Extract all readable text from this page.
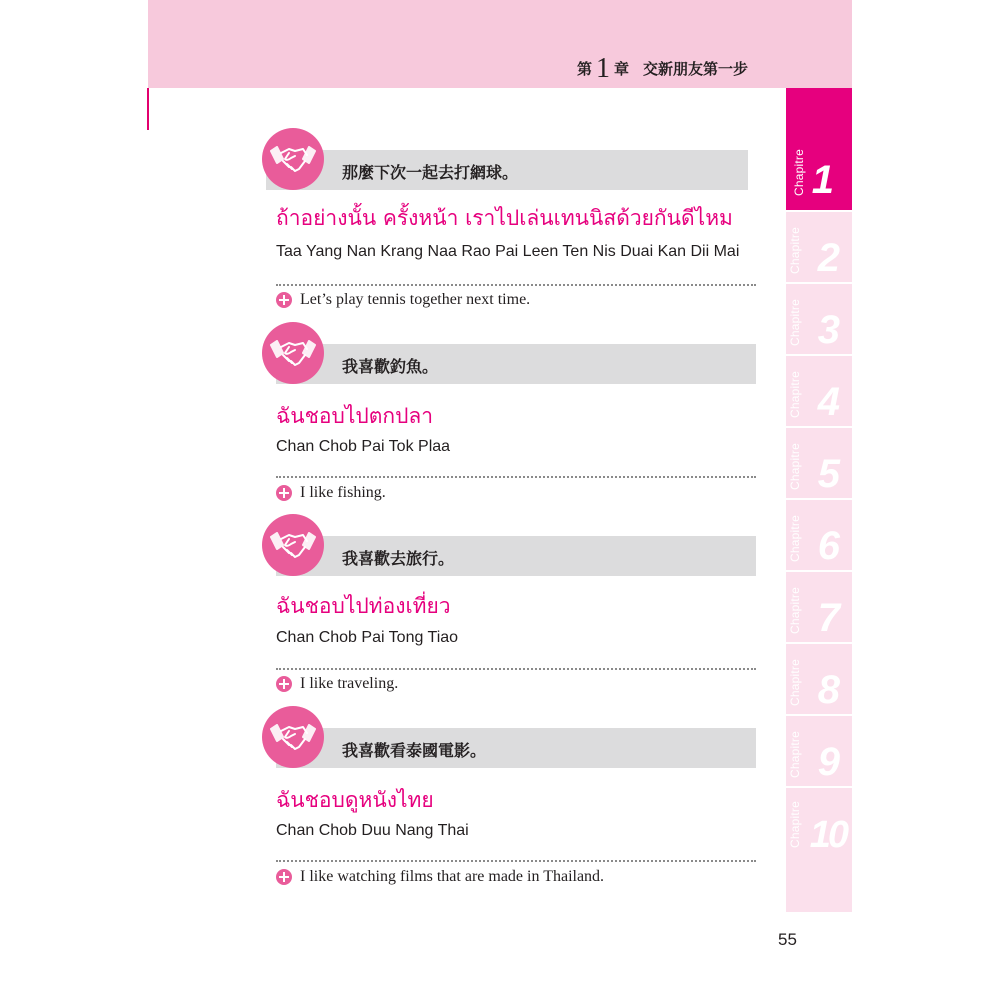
第 1 章 交新朋友第一步
Chapitre 1
Chapitre 2
Chapitre 3
Chapitre 4
Chapitre 5
Chapitre 6
Chapitre 7
Chapitre 8
Chapitre 9
Chapitre 10
那麼下次一起去打網球。
ถ้าอย่างนั้น ครั้งหน้า เราไปเล่นเทนนิสด้วยกันดีไหม
Taa Yang Nan Krang Naa Rao Pai Leen Ten Nis Duai Kan Dii Mai
Let’s play tennis together next time.
我喜歡釣魚。
ฉันชอบไปตกปลา
Chan Chob Pai Tok Plaa
I like fishing.
我喜歡去旅行。
ฉันชอบไปท่องเที่ยว
Chan Chob Pai Tong Tiao
I like traveling.
我喜歡看泰國電影。
ฉันชอบดูหนังไทย
Chan Chob Duu Nang Thai
I like watching films that are made in Thailand.
55
